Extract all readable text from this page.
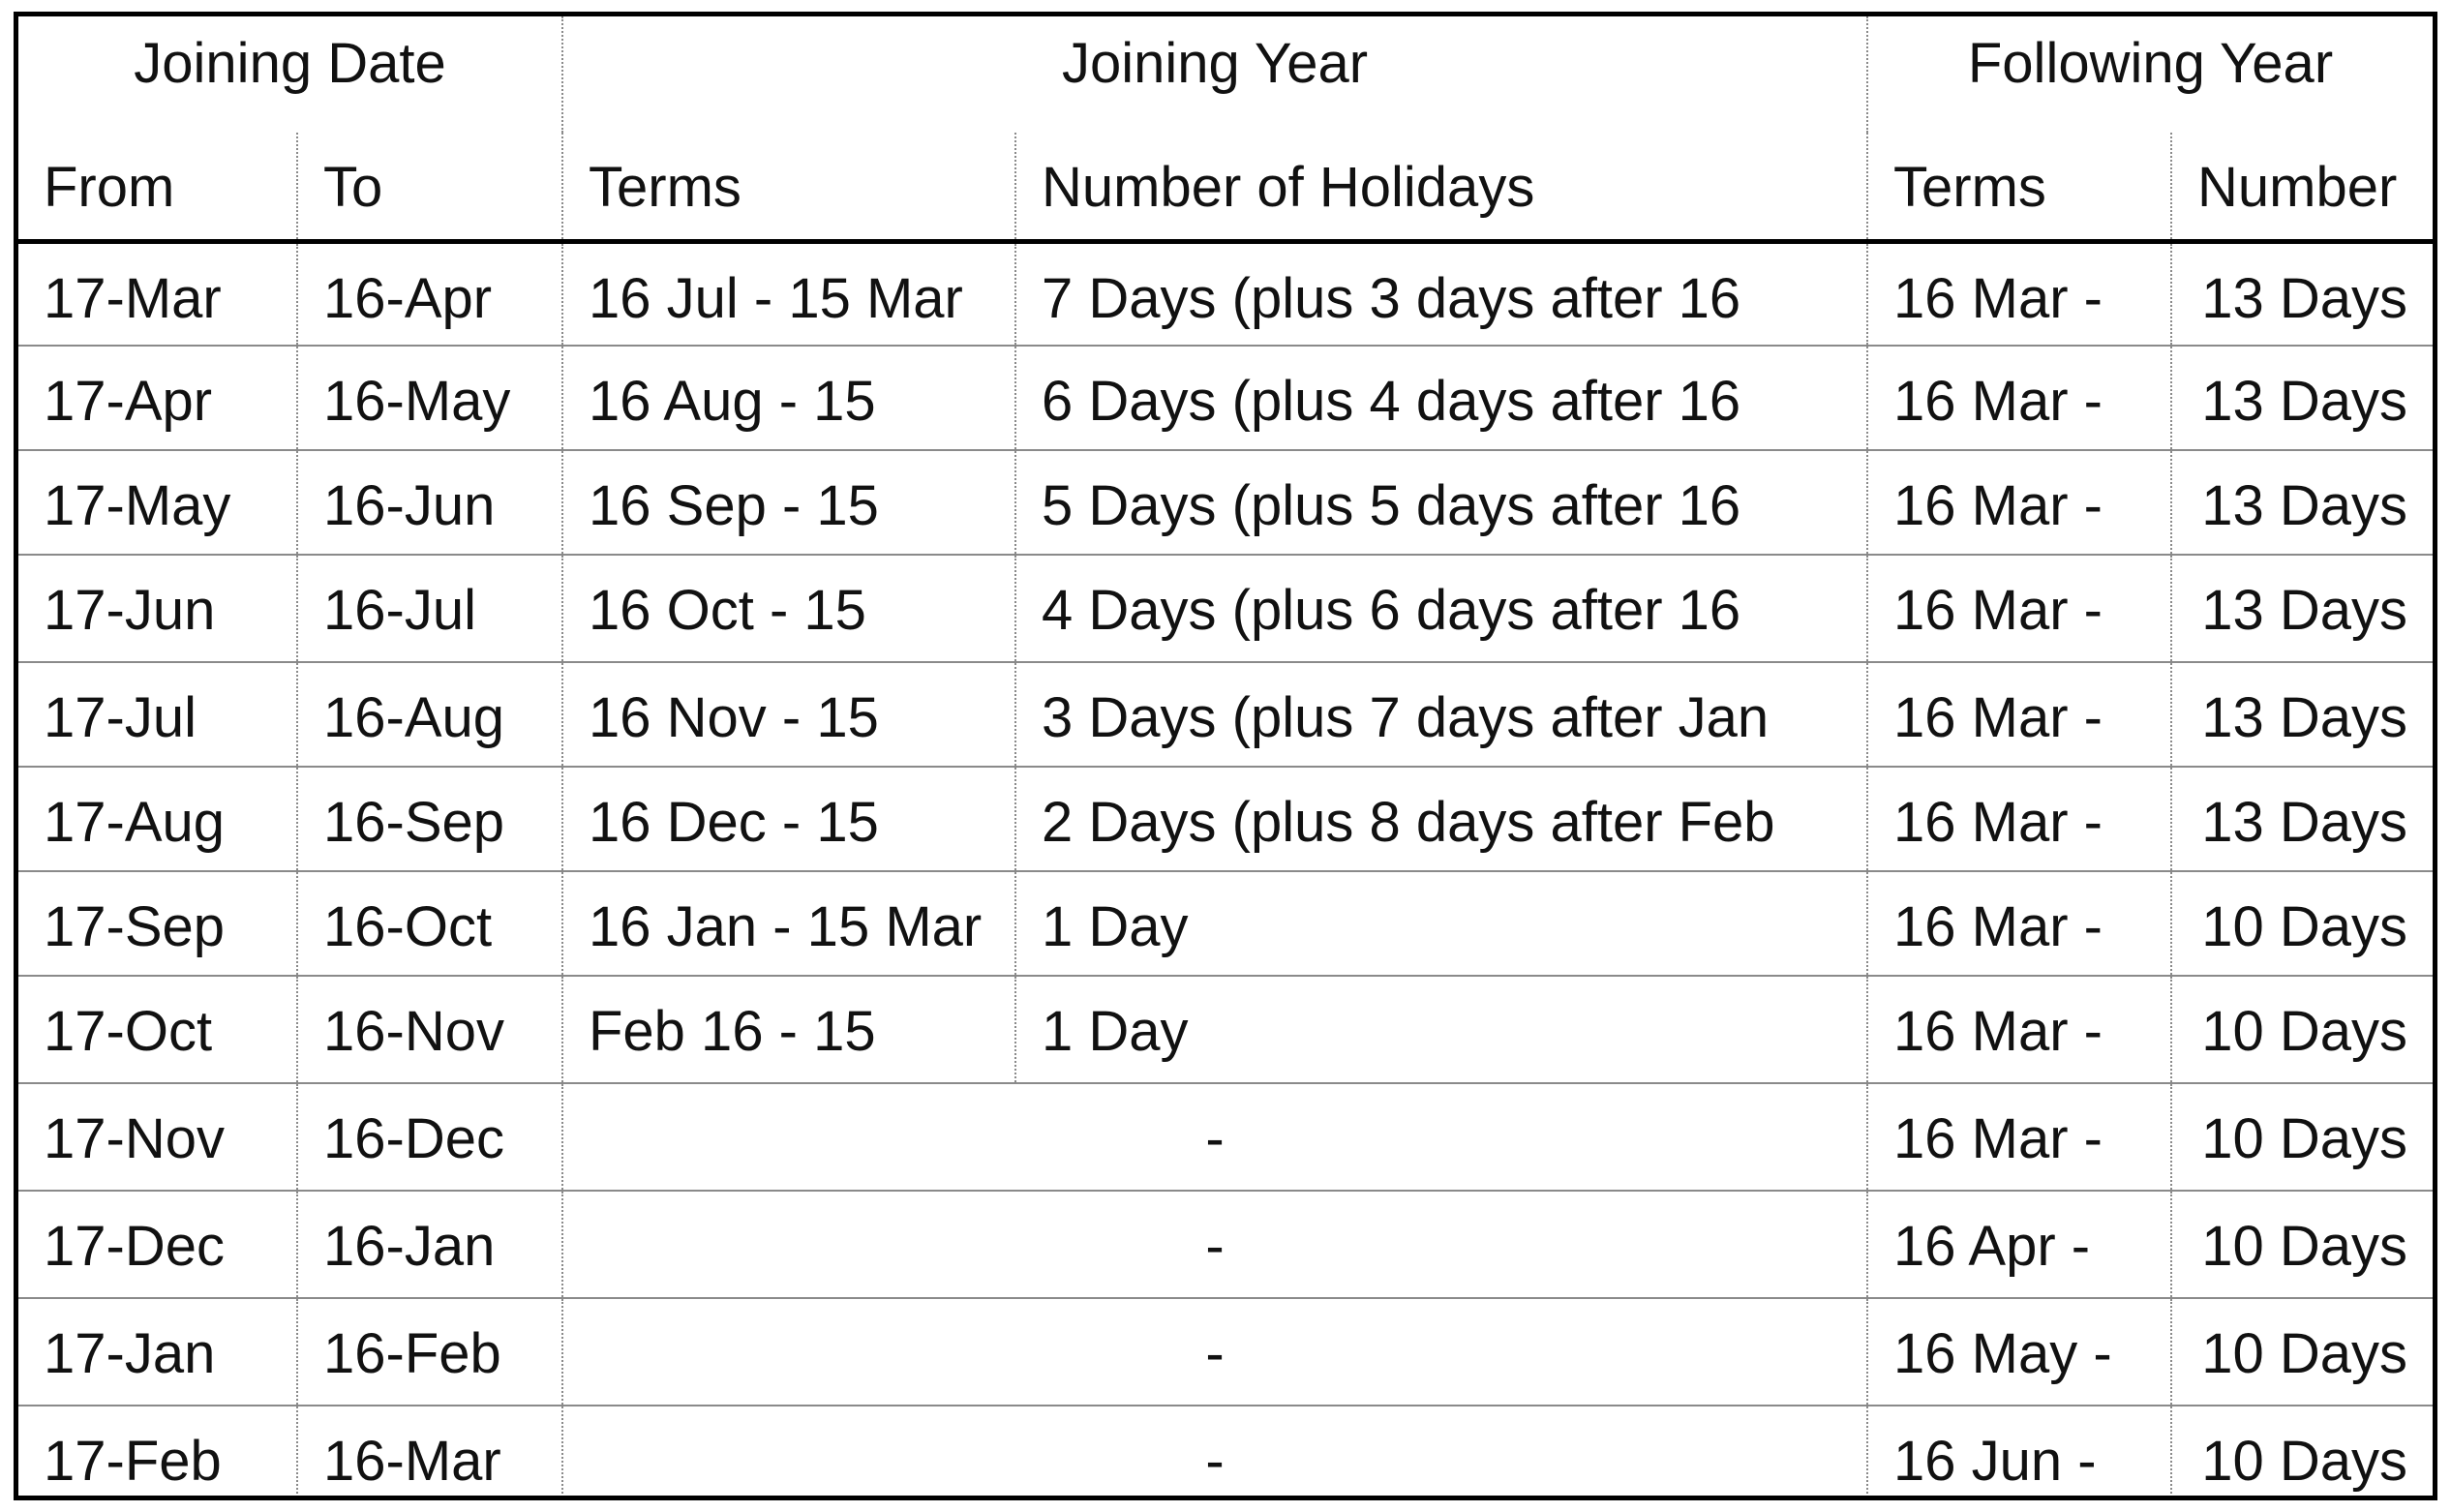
Joining Date		Joining Year		Following Year	
From	To	Terms	Number of Holidays	Terms	Number
17-Mar	16-Apr	16 Jul - 15 Mar	7 Days (plus 3 days after 16	16 Mar -	13 Days
17-Apr	16-May	16 Aug - 15	6 Days (plus 4 days after 16	16 Mar -	13 Days
17-May	16-Jun	16 Sep - 15	5 Days (plus 5 days after 16	16 Mar -	13 Days
17-Jun	16-Jul	16 Oct - 15	4 Days (plus 6 days after 16	16 Mar -	13 Days
17-Jul	16-Aug	16 Nov - 15	3 Days (plus 7 days after Jan	16 Mar -	13 Days
17-Aug	16-Sep	16 Dec - 15	2 Days (plus 8 days after Feb	16 Mar -	13 Days
17-Sep	16-Oct	16 Jan - 15 Mar	1 Day	16 Mar -	10 Days
17-Oct	16-Nov	Feb 16 - 15	1 Day	16 Mar -	10 Days
17-Nov	16-Dec	-		16 Mar -	10 Days
17-Dec	16-Jan	-		16 Apr -	10 Days
17-Jan	16-Feb	-		16 May -	10 Days
17-Feb	16-Mar	-		16 Jun -	10 Days
